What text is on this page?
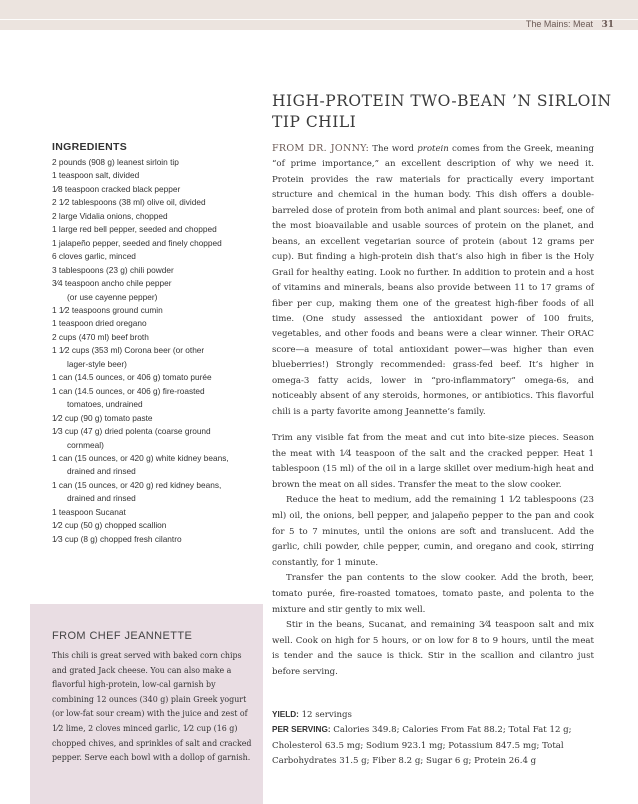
The Mains: Meat 31
HIGH-PROTEIN TWO-BEAN ’N SIRLOIN TIP CHILI
INGREDIENTS
2 pounds (908 g) leanest sirloin tip
1 teaspoon salt, divided
1⁄8 teaspoon cracked black pepper
2 1⁄2 tablespoons (38 ml) olive oil, divided
2 large Vidalia onions, chopped
1 large red bell pepper, seeded and chopped
1 jalapeño pepper, seeded and finely chopped
6 cloves garlic, minced
3 tablespoons (23 g) chili powder
3⁄4 teaspoon ancho chile pepper
(or use cayenne pepper)
1 1⁄2 teaspoons ground cumin
1 teaspoon dried oregano
2 cups (470 ml) beef broth
1 1⁄2 cups (353 ml) Corona beer (or other
lager-style beer)
1 can (14.5 ounces, or 406 g) tomato purée
1 can (14.5 ounces, or 406 g) fire-roasted
tomatoes, undrained
1⁄2 cup (90 g) tomato paste
1⁄3 cup (47 g) dried polenta (coarse ground
cornmeal)
1 can (15 ounces, or 420 g) white kidney beans,
drained and rinsed
1 can (15 ounces, or 420 g) red kidney beans,
drained and rinsed
1 teaspoon Sucanat
1⁄2 cup (50 g) chopped scallion
1⁄3 cup (8 g) chopped fresh cilantro

FROM DR. JONNY: The word protein comes from the Greek, meaning “of prime importance,” an excellent description of why we need it. Protein provides the raw materials for practically every important structure and chemical in the human body. This dish offers a double-barreled dose of protein from both animal and plant sources: beef, one of the most bioavailable and usable sources of protein on the planet, and beans, an excellent vegetarian source of protein (about 12 grams per cup). But finding a high-protein dish that’s also high in fiber is the Holy Grail for healthy eating. Look no further. In addition to protein and a host of vitamins and minerals, beans also provide between 11 to 17 grams of fiber per cup, making them one of the greatest high-fiber foods of all time. (One study assessed the antioxidant power of 100 fruits, vegetables, and other foods and beans were a clear winner. Their ORAC score—a measure of total antioxidant power—was higher than even blueberries!) Strongly recommended: grass-fed beef. It’s higher in omega-3 fatty acids, lower in “pro-inflammatory” omega-6s, and noticeably absent of any steroids, hormones, or antibiotics. This flavorful chili is a party favorite among Jeannette’s family.

Trim any visible fat from the meat and cut into bite-size pieces. Season the meat with 1⁄4 teaspoon of the salt and the cracked pepper. Heat 1 tablespoon (15 ml) of the oil in a large skillet over medium-high heat and brown the meat on all sides. Transfer the meat to the slow cooker.

Reduce the heat to medium, add the remaining 1 1⁄2 tablespoons (23 ml) oil, the onions, bell pepper, and jalapeño pepper to the pan and cook for 5 to 7 minutes, until the onions are soft and translucent. Add the garlic, chili powder, chile pepper, cumin, and oregano and cook, stirring constantly, for 1 minute.

Transfer the pan contents to the slow cooker. Add the broth, beer, tomato purée, fire-roasted tomatoes, tomato paste, and polenta to the mixture and stir gently to mix well.

Stir in the beans, Sucanat, and remaining 3⁄4 teaspoon salt and mix well. Cook on high for 5 hours, or on low for 8 to 9 hours, until the meat is tender and the sauce is thick. Stir in the scallion and cilantro just before serving.

YIELD: 12 servings

PER SERVING: Calories 349.8; Calories From Fat 88.2; Total Fat 12 g; Cholesterol 63.5 mg; Sodium 923.1 mg; Potassium 847.5 mg; Total Carbohydrates 31.5 g; Fiber 8.2 g; Sugar 6 g; Protein 26.4 g

FROM CHEF JEANNETTE

This chili is great served with baked corn chips and grated Jack cheese. You can also make a flavorful high-protein, low-cal garnish by combining 12 ounces (340 g) plain Greek yogurt (or low-fat sour cream) with the juice and zest of 1⁄2 lime, 2 cloves minced garlic, 1⁄2 cup (16 g) chopped chives, and sprinkles of salt and cracked pepper. Serve each bowl with a dollop of garnish.
